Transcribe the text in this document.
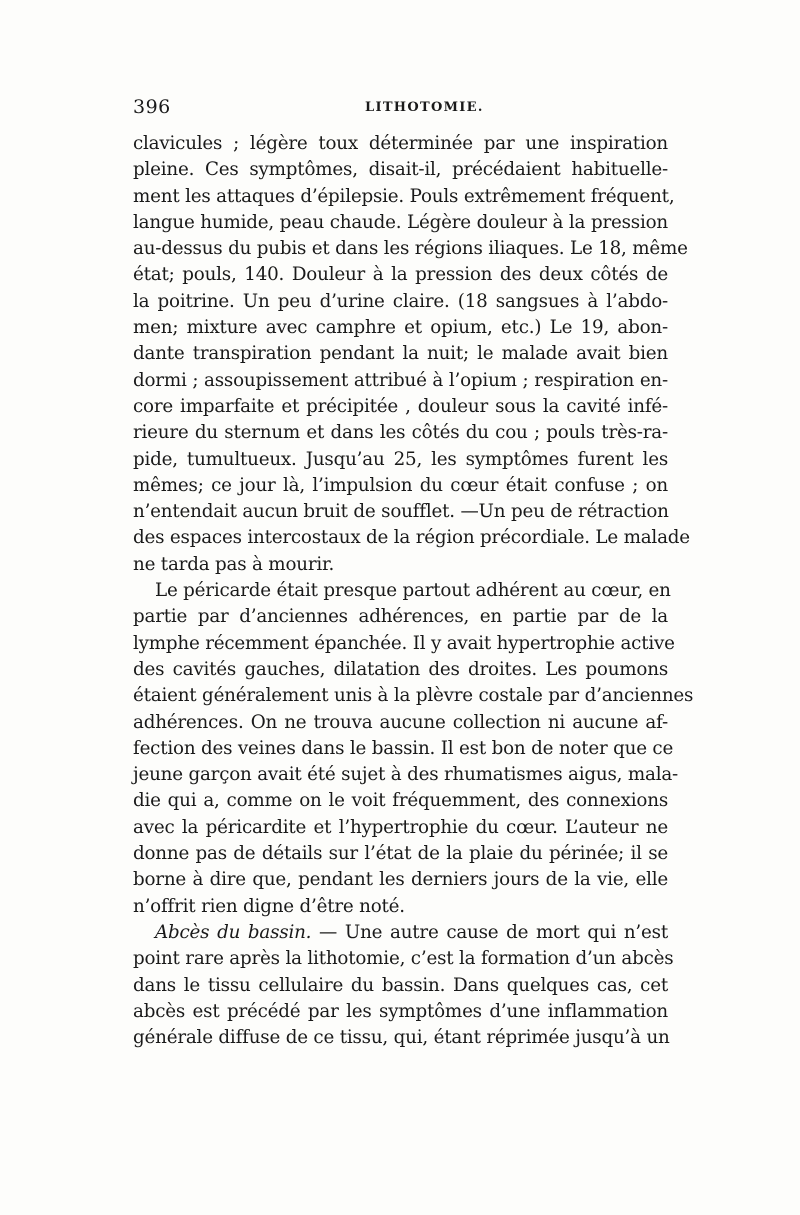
396	LITHOTOMIE.
clavicules ; légère toux déterminée par une inspiration
pleine. Ces symptômes, disait-il, précédaient habituelle-
ment les attaques d’épilepsie. Pouls extrêmement fréquent,
langue humide, peau chaude. Légère douleur à la pression
au-dessus du pubis et dans les régions iliaques. Le 18, même
état; pouls, 140. Douleur à la pression des deux côtés de
la poitrine. Un peu d’urine claire. (18 sangsues à l’abdo-
men; mixture avec camphre et opium, etc.) Le 19, abon-
dante transpiration pendant la nuit; le malade avait bien
dormi ; assoupissement attribué à l’opium ; respiration en-
core imparfaite et précipitée , douleur sous la cavité infé-
rieure du sternum et dans les côtés du cou ; pouls très-ra-
pide, tumultueux. Jusqu’au 25, les symptômes furent les
mêmes; ce jour là, l’impulsion du cœur était confuse ; on
n’entendait aucun bruit de soufflet. —Un peu de rétraction
des espaces intercostaux de la région précordiale. Le malade
ne tarda pas à mourir.
Le péricarde était presque partout adhérent au cœur, en
partie par d’anciennes adhérences, en partie par de la
lymphe récemment épanchée. Il y avait hypertrophie active
des cavités gauches, dilatation des droites. Les poumons
étaient généralement unis à la plèvre costale par d’anciennes
adhérences. On ne trouva aucune collection ni aucune af-
fection des veines dans le bassin. Il est bon de noter que ce
jeune garçon avait été sujet à des rhumatismes aigus, mala-
die qui a, comme on le voit fréquemment, des connexions
avec la péricardite et l’hypertrophie du cœur. L’auteur ne
donne pas de détails sur l’état de la plaie du périnée; il se
borne à dire que, pendant les derniers jours de la vie, elle
n’offrit rien digne d’être noté.
Abcès du bassin. — Une autre cause de mort qui n’est
point rare après la lithotomie, c’est la formation d’un abcès
dans le tissu cellulaire du bassin. Dans quelques cas, cet
abcès est précédé par les symptômes d’une inflammation
générale diffuse de ce tissu, qui, étant réprimée jusqu’à un
